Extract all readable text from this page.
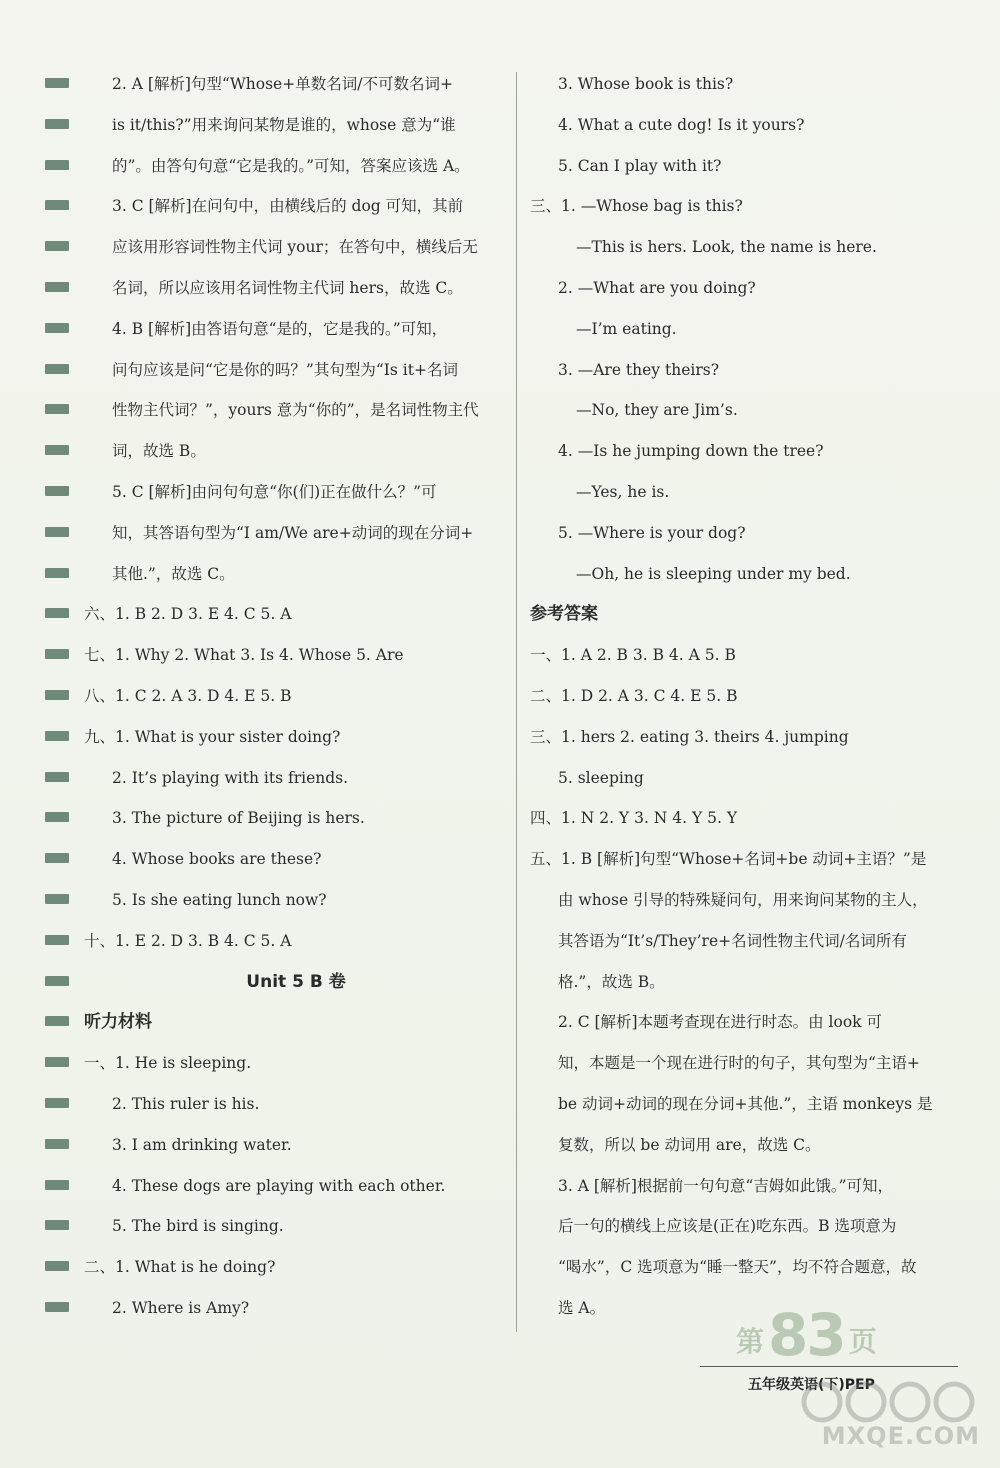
2. A [解析]句型“Whose+单数名词/不可数名词+
is it/this?”用来询问某物是谁的，whose 意为“谁
的”。由答句句意“它是我的。”可知，答案应该选 A。
3. C [解析]在问句中，由横线后的 dog 可知，其前
应该用形容词性物主代词 your；在答句中，横线后无
名词，所以应该用名词性物主代词 hers，故选 C。
4. B [解析]由答语句意“是的，它是我的。”可知，
问句应该是问“它是你的吗？”其句型为“Is it+名词
性物主代词？”，yours 意为“你的”，是名词性物主代
词，故选 B。
5. C [解析]由问句句意“你(们)正在做什么？”可
知，其答语句型为“I am/We are+动词的现在分词+
其他.”，故选 C。
六、1. B 2. D 3. E 4. C 5. A
七、1. Why 2. What 3. Is 4. Whose 5. Are
八、1. C 2. A 3. D 4. E 5. B
九、1. What is your sister doing?
2. It’s playing with its friends.
3. The picture of Beijing is hers.
4. Whose books are these?
5. Is she eating lunch now?
十、1. E 2. D 3. B 4. C 5. A
Unit 5 B 卷
听力材料
一、1. He is sleeping.
2. This ruler is his.
3. I am drinking water.
4. These dogs are playing with each other.
5. The bird is singing.
二、1. What is he doing?
2. Where is Amy?
3. Whose book is this?
4. What a cute dog! Is it yours?
5. Can I play with it?
三、1. —Whose bag is this?
—This is hers. Look, the name is here.
2. —What are you doing?
—I’m eating.
3. —Are they theirs?
—No, they are Jim’s.
4. —Is he jumping down the tree?
—Yes, he is.
5. —Where is your dog?
—Oh, he is sleeping under my bed.
参考答案
一、1. A 2. B 3. B 4. A 5. B
二、1. D 2. A 3. C 4. E 5. B
三、1. hers 2. eating 3. theirs 4. jumping
5. sleeping
四、1. N 2. Y 3. N 4. Y 5. Y
五、1. B [解析]句型“Whose+名词+be 动词+主语？”是
由 whose 引导的特殊疑问句，用来询问某物的主人，
其答语为“It’s/They’re+名词性物主代词/名词所有
格.”，故选 B。
2. C [解析]本题考查现在进行时态。由 look 可
知，本题是一个现在进行时的句子，其句型为“主语+
be 动词+动词的现在分词+其他.”，主语 monkeys 是
复数，所以 be 动词用 are，故选 C。
3. A [解析]根据前一句句意“吉姆如此饿。”可知，
后一句的横线上应该是(正在)吃东西。B 选项意为
“喝水”，C 选项意为“睡一整天”，均不符合题意，故
选 A。
第 83 页
五年级英语(下)PEP
MXQE.COM
